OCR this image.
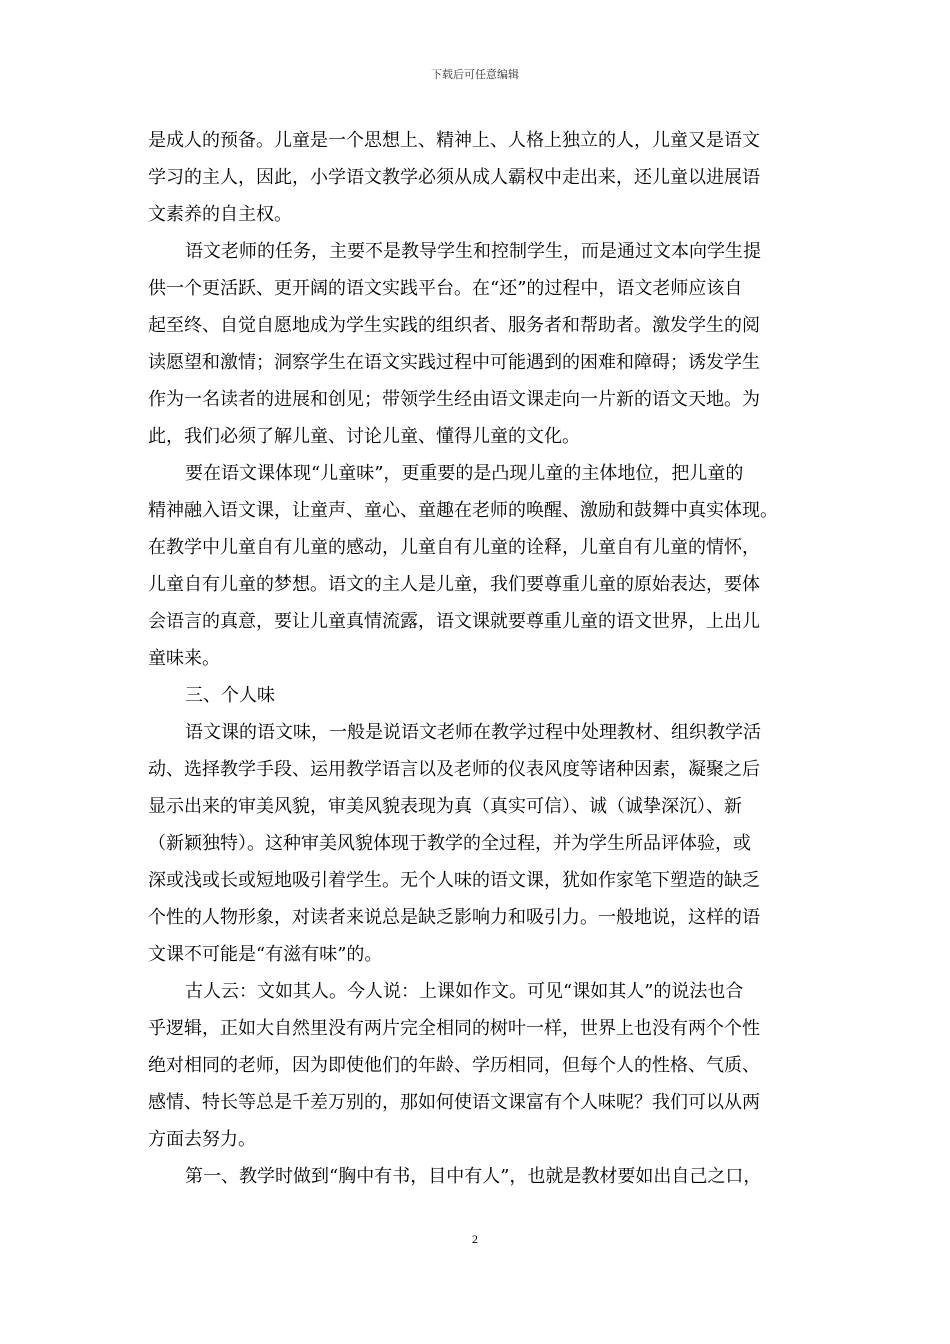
下载后可任意编辑
是成人的预备。儿童是一个思想上、精神上、人格上独立的人，儿童又是语文
学习的主人，因此，小学语文教学必须从成人霸权中走出来，还儿童以进展语
文素养的自主权。
语文老师的任务，主要不是教导学生和控制学生，而是通过文本向学生提
供一个更活跃、更开阔的语文实践平台。在“还”的过程中，语文老师应该自
起至终、自觉自愿地成为学生实践的组织者、服务者和帮助者。激发学生的阅
读愿望和激情；洞察学生在语文实践过程中可能遇到的困难和障碍；诱发学生
作为一名读者的进展和创见；带领学生经由语文课走向一片新的语文天地。为
此，我们必须了解儿童、讨论儿童、懂得儿童的文化。
要在语文课体现“儿童味”，更重要的是凸现儿童的主体地位，把儿童的
精神融入语文课，让童声、童心、童趣在老师的唤醒、激励和鼓舞中真实体现。
在教学中儿童自有儿童的感动，儿童自有儿童的诠释，儿童自有儿童的情怀，
儿童自有儿童的梦想。语文的主人是儿童，我们要尊重儿童的原始表达，要体
会语言的真意，要让儿童真情流露，语文课就要尊重儿童的语文世界，上出儿
童味来。
三、个人味
语文课的语文味，一般是说语文老师在教学过程中处理教材、组织教学活
动、选择教学手段、运用教学语言以及老师的仪表风度等诸种因素，凝聚之后
显示出来的审美风貌，审美风貌表现为真（真实可信）、诚（诚挚深沉）、新
（新颖独特）。这种审美风貌体现于教学的全过程，并为学生所品评体验，或
深或浅或长或短地吸引着学生。无个人味的语文课，犹如作家笔下塑造的缺乏
个性的人物形象，对读者来说总是缺乏影响力和吸引力。一般地说，这样的语
文课不可能是“有滋有味”的。
古人云：文如其人。今人说：上课如作文。可见“课如其人”的说法也合
乎逻辑，正如大自然里没有两片完全相同的树叶一样，世界上也没有两个个性
绝对相同的老师，因为即使他们的年龄、学历相同，但每个人的性格、气质、
感情、特长等总是千差万别的，那如何使语文课富有个人味呢？我们可以从两
方面去努力。
第一、教学时做到“胸中有书，目中有人”，也就是教材要如出自己之口，
2
